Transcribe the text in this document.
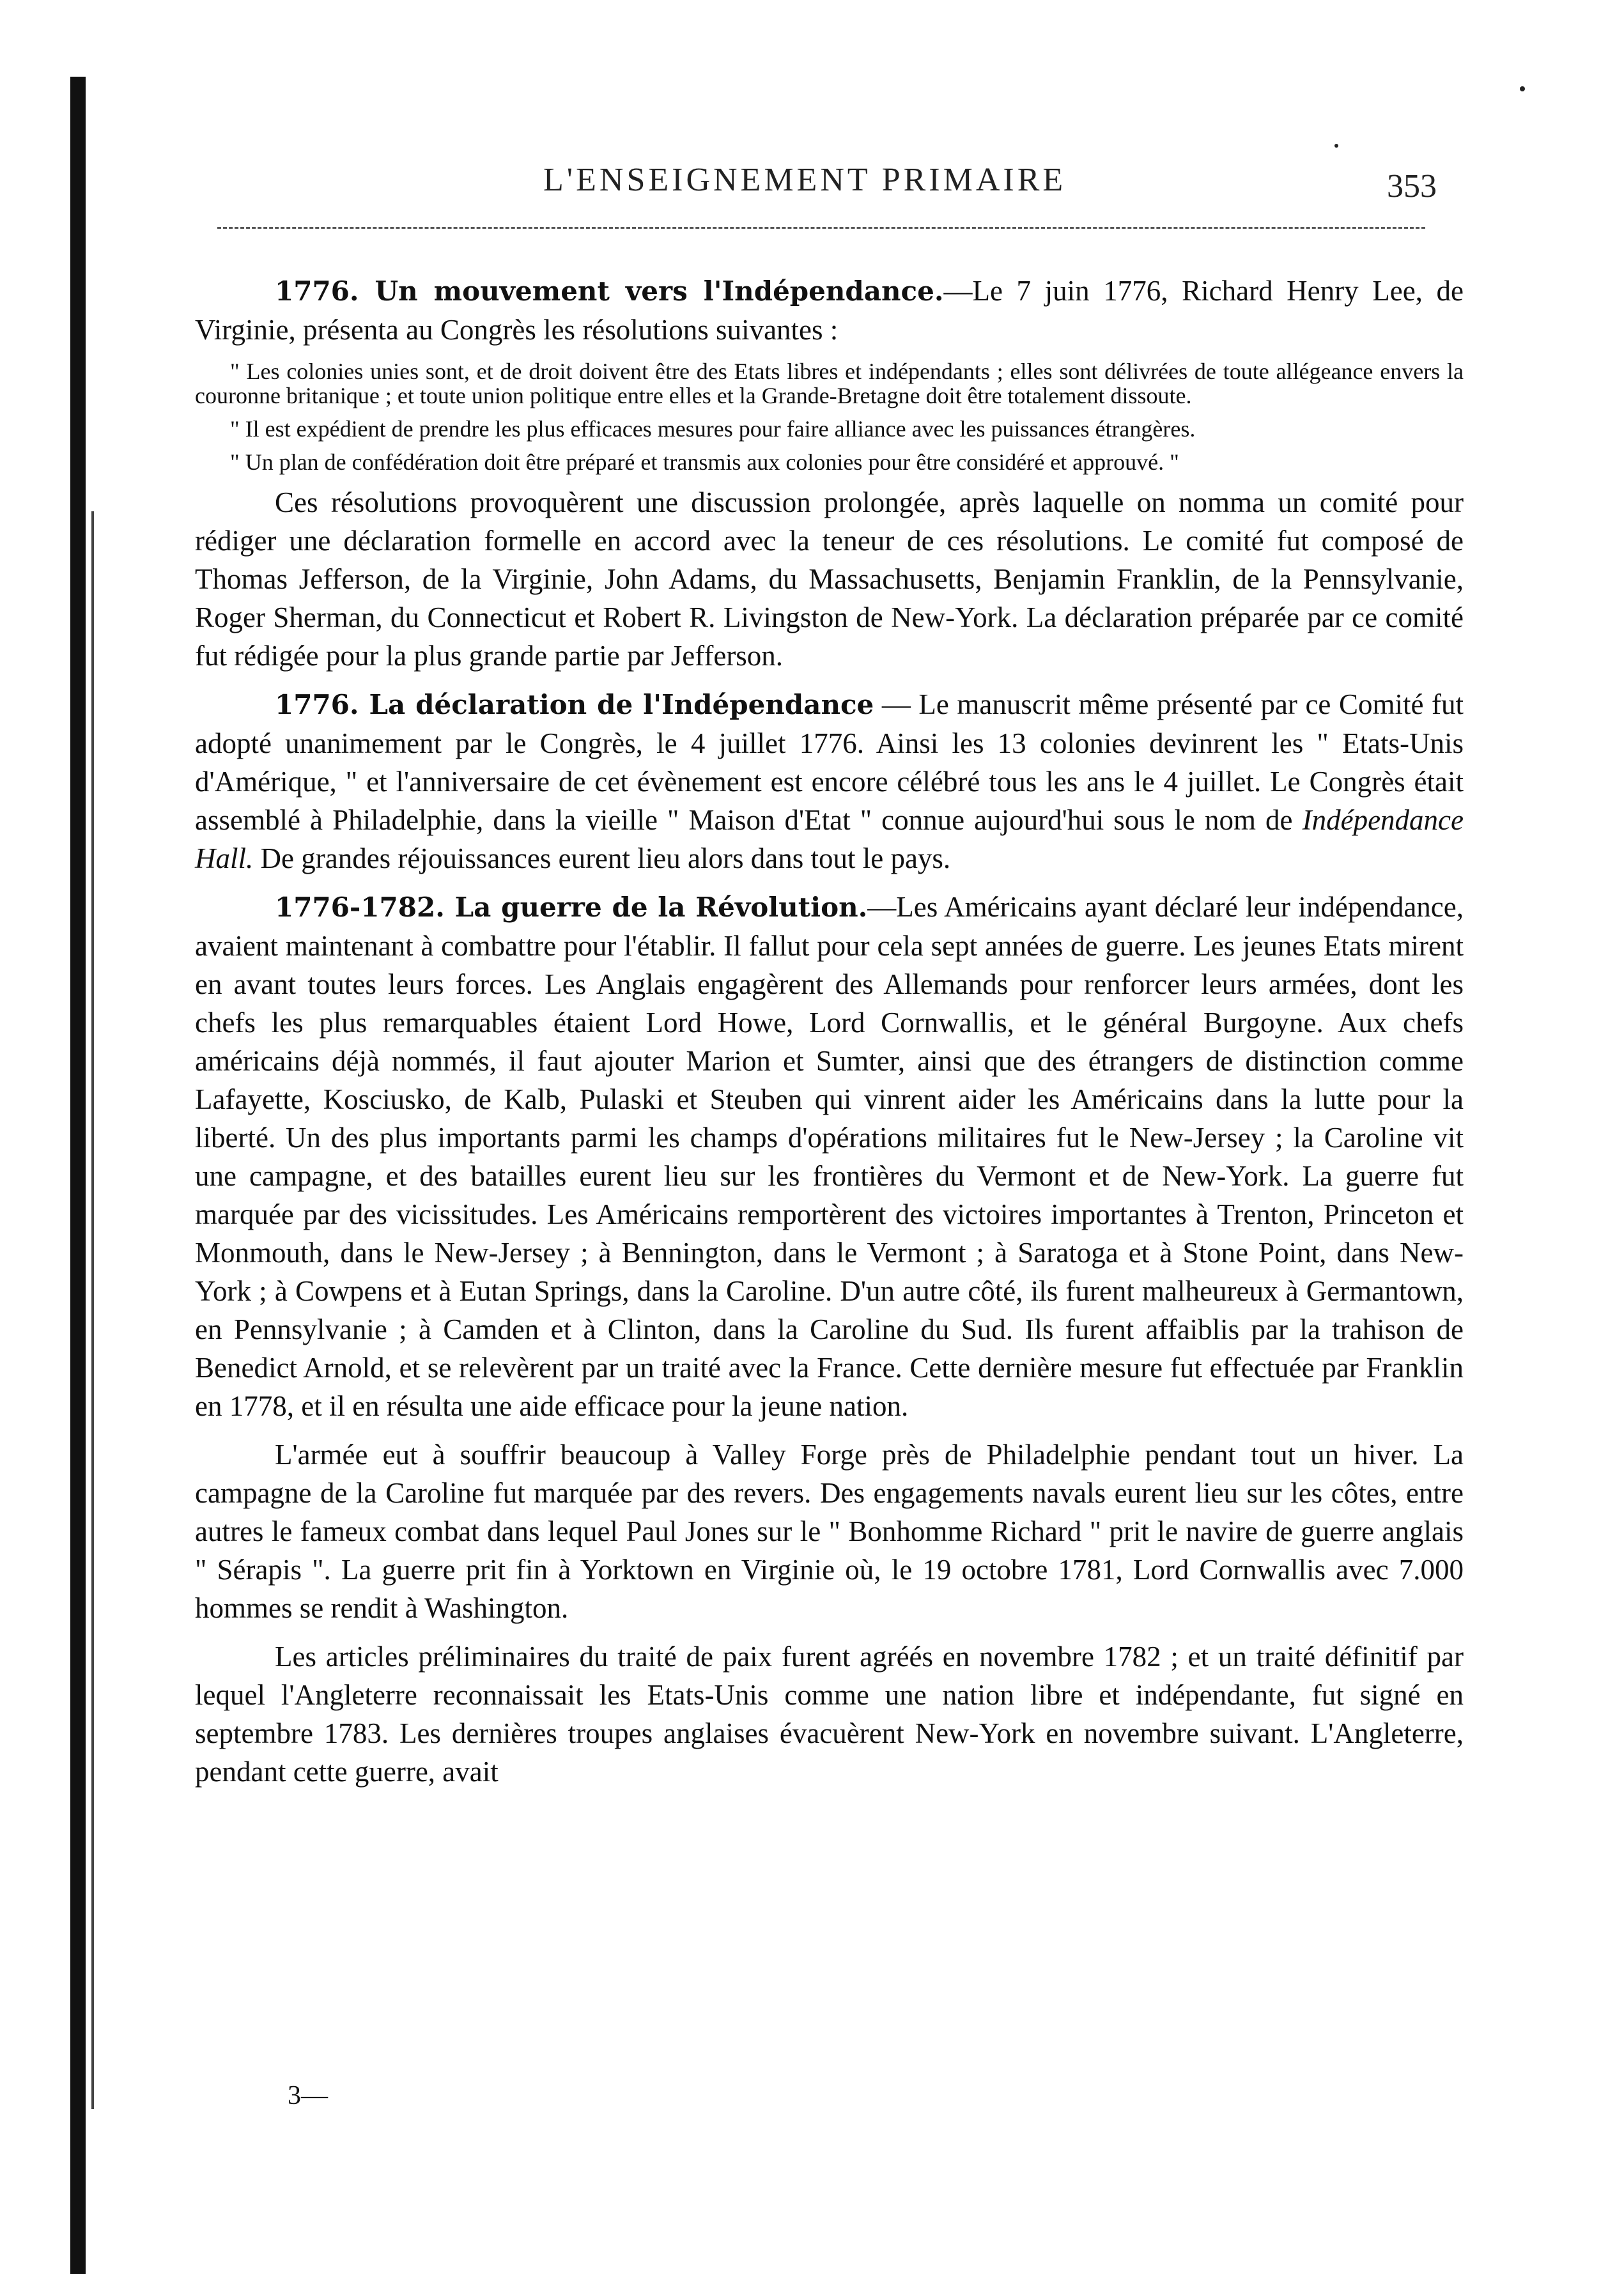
L'ENSEIGNEMENT PRIMAIRE	353

1776. Un mouvement vers l'Indépendance.—Le 7 juin 1776, Richard Henry Lee, de Virginie, présenta au Congrès les résolutions suivantes :

" Les colonies unies sont, et de droit doivent être des Etats libres et indépendants ; elles sont délivrées de toute allégeance envers la couronne britanique ; et toute union politique entre elles et la Grande-Bretagne doit être totalement dissoute.

" Il est expédient de prendre les plus efficaces mesures pour faire alliance avec les puissances étrangères.

" Un plan de confédération doit être préparé et transmis aux colonies pour être considéré et approuvé. "

Ces résolutions provoquèrent une discussion prolongée, après laquelle on nomma un comité pour rédiger une déclaration formelle en accord avec la teneur de ces résolutions. Le comité fut composé de Thomas Jefferson, de la Virginie, John Adams, du Massachusetts, Benjamin Franklin, de la Pennsylvanie, Roger Sherman, du Connecticut et Robert R. Livingston de New-York. La déclaration préparée par ce comité fut rédigée pour la plus grande partie par Jefferson.

1776. La déclaration de l'Indépendance — Le manuscrit même présenté par ce Comité fut adopté unanimement par le Congrès, le 4 juillet 1776. Ainsi les 13 colonies devinrent les " Etats-Unis d'Amérique, " et l'anniversaire de cet évènement est encore célébré tous les ans le 4 juillet. Le Congrès était assemblé à Philadelphie, dans la vieille " Maison d'Etat " connue aujourd'hui sous le nom de Indépendance Hall. De grandes réjouissances eurent lieu alors dans tout le pays.

1776-1782. La guerre de la Révolution.—Les Américains ayant déclaré leur indépendance, avaient maintenant à combattre pour l'établir. Il fallut pour cela sept années de guerre. Les jeunes Etats mirent en avant toutes leurs forces. Les Anglais engagèrent des Allemands pour renforcer leurs armées, dont les chefs les plus remarquables étaient Lord Howe, Lord Cornwallis, et le général Burgoyne. Aux chefs américains déjà nommés, il faut ajouter Marion et Sumter, ainsi que des étrangers de distinction comme Lafayette, Kosciusko, de Kalb, Pulaski et Steuben qui vinrent aider les Américains dans la lutte pour la liberté. Un des plus importants parmi les champs d'opérations militaires fut le New-Jersey ; la Caroline vit une campagne, et des batailles eurent lieu sur les frontières du Vermont et de New-York. La guerre fut marquée par des vicissitudes. Les Américains remportèrent des victoires importantes à Trenton, Princeton et Monmouth, dans le New-Jersey ; à Bennington, dans le Vermont ; à Saratoga et à Stone Point, dans New-York ; à Cowpens et à Eutan Springs, dans la Caroline. D'un autre côté, ils furent malheureux à Germantown, en Pennsylvanie ; à Camden et à Clinton, dans la Caroline du Sud. Ils furent affaiblis par la trahison de Benedict Arnold, et se relevèrent par un traité avec la France. Cette dernière mesure fut effectuée par Franklin en 1778, et il en résulta une aide efficace pour la jeune nation.

L'armée eut à souffrir beaucoup à Valley Forge près de Philadelphie pendant tout un hiver. La campagne de la Caroline fut marquée par des revers. Des engagements navals eurent lieu sur les côtes, entre autres le fameux combat dans lequel Paul Jones sur le " Bonhomme Richard " prit le navire de guerre anglais " Sérapis ". La guerre prit fin à Yorktown en Virginie où, le 19 octobre 1781, Lord Cornwallis avec 7.000 hommes se rendit à Washington.

Les articles préliminaires du traité de paix furent agréés en novembre 1782 ; et un traité définitif par lequel l'Angleterre reconnaissait les Etats-Unis comme une nation libre et indépendante, fut signé en septembre 1783. Les dernières troupes anglaises évacuèrent New-York en novembre suivant. L'Angleterre, pendant cette guerre, avait

3—
